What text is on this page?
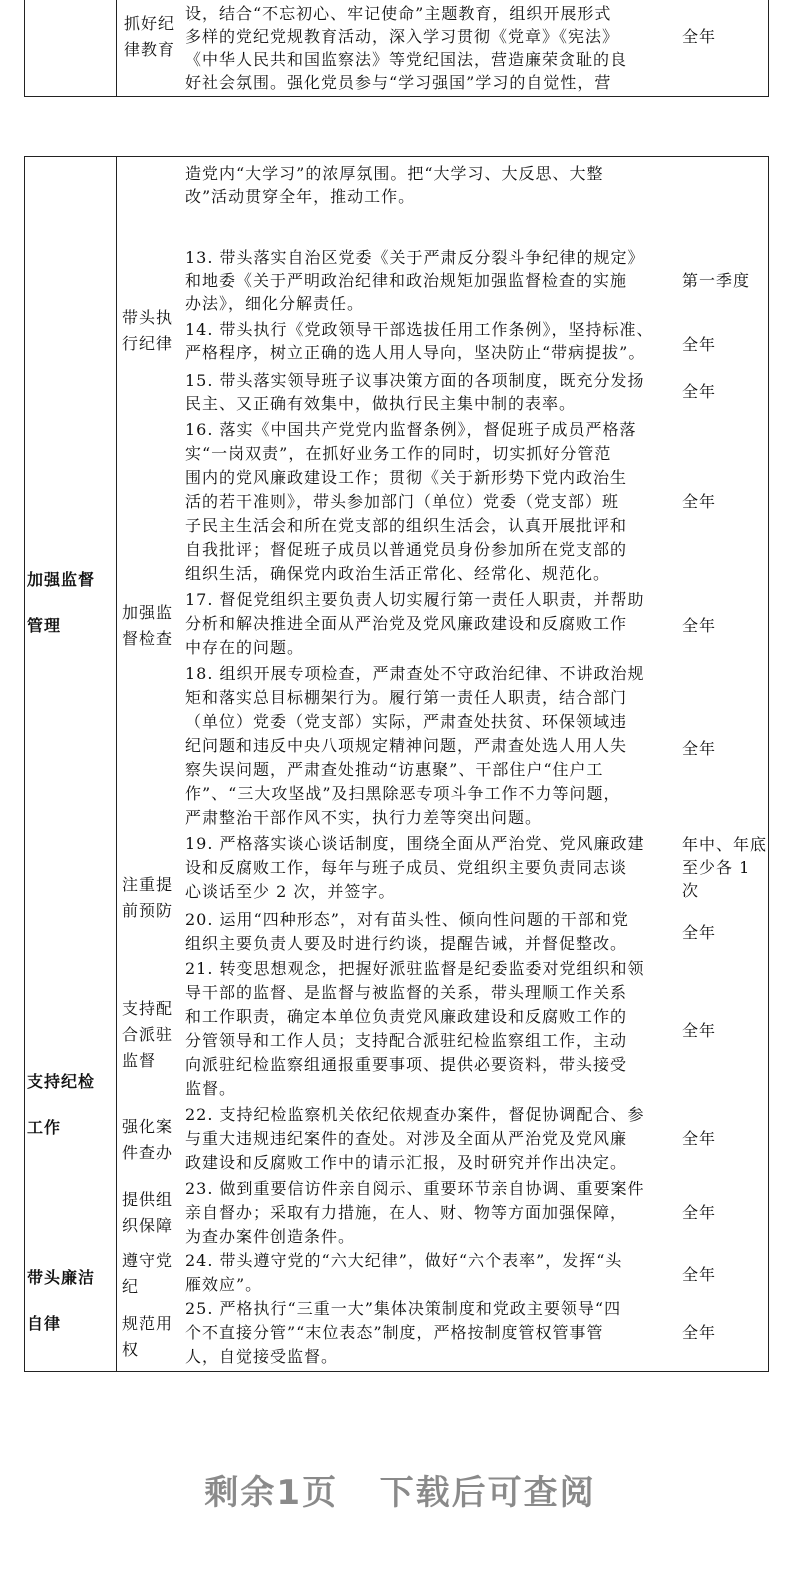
抓好纪律教育
设，结合“不忘初心、牢记使命”主题教育，组织开展形式
多样的党纪党规教育活动，深入学习贯彻《党章》《宪法》
《中华人民共和国监察法》等党纪国法，营造廉荣贪耻的良
好社会氛围。强化党员参与“学习强国”学习的自觉性，营
全年
造党内“大学习”的浓厚氛围。把“大学习、大反思、大整
改”活动贯穿全年，推动工作。
加强监督
管理
支持纪检
工作
带头廉洁
自律
带头执行纪律
加强监督检查
注重提前预防
支持配合派驻监督
强化案件查办
提供组织保障
遵守党纪
规范用权
13. 带头落实自治区党委《关于严肃反分裂斗争纪律的规定》
和地委《关于严明政治纪律和政治规矩加强监督检查的实施
办法》，细化分解责任。
第一季度
14. 带头执行《党政领导干部选拔任用工作条例》，坚持标准、
严格程序，树立正确的选人用人导向，坚决防止“带病提拔”。 全年
15. 带头落实领导班子议事决策方面的各项制度，既充分发扬
民主、又正确有效集中，做执行民主集中制的表率。
全年
16. 落实《中国共产党党内监督条例》，督促班子成员严格落
实“一岗双责”，在抓好业务工作的同时，切实抓好分管范
围内的党风廉政建设工作；贯彻《关于新形势下党内政治生
活的若干准则》，带头参加部门（单位）党委（党支部）班
子民主生活会和所在党支部的组织生活会，认真开展批评和
自我批评；督促班子成员以普通党员身份参加所在党支部的
组织生活，确保党内政治生活正常化、经常化、规范化。
全年
17. 督促党组织主要负责人切实履行第一责任人职责，并帮助
分析和解决推进全面从严治党及党风廉政建设和反腐败工作
中存在的问题。
全年
18. 组织开展专项检查，严肃查处不守政治纪律、不讲政治规
矩和落实总目标棚架行为。履行第一责任人职责，结合部门
（单位）党委（党支部）实际，严肃查处扶贫、环保领域违
纪问题和违反中央八项规定精神问题，严肃查处选人用人失
察失误问题，严肃查处推动“访惠聚”、干部住户“住户工
作”、“三大攻坚战”及扫黑除恶专项斗争工作不力等问题，
严肃整治干部作风不实，执行力差等突出问题。
全年
19. 严格落实谈心谈话制度，围绕全面从严治党、党风廉政建
设和反腐败工作，每年与班子成员、党组织主要负责同志谈
心谈话至少 2 次，并签字。
年中、年底至少各 1 次
20. 运用“四种形态”，对有苗头性、倾向性问题的干部和党
组织主要负责人要及时进行约谈，提醒告诫，并督促整改。
全年
21. 转变思想观念，把握好派驻监督是纪委监委对党组织和领
导干部的监督、是监督与被监督的关系，带头理顺工作关系
和工作职责，确定本单位负责党风廉政建设和反腐败工作的
分管领导和工作人员；支持配合派驻纪检监察组工作，主动
向派驻纪检监察组通报重要事项、提供必要资料，带头接受
监督。
全年
22. 支持纪检监察机关依纪依规查办案件，督促协调配合、参
与重大违规违纪案件的查处。对涉及全面从严治党及党风廉
政建设和反腐败工作中的请示汇报，及时研究并作出决定。
全年
23. 做到重要信访件亲自阅示、重要环节亲自协调、重要案件
亲自督办；采取有力措施，在人、财、物等方面加强保障，
为查办案件创造条件。
全年
24. 带头遵守党的“六大纪律”，做好“六个表率”，发挥“头
雁效应”。
全年
25. 严格执行“三重一大”集体决策制度和党政主要领导“四
个不直接分管”“末位表态”制度，严格按制度管权管事管
人，自觉接受监督。
全年
剩余1页   下载后可查阅
